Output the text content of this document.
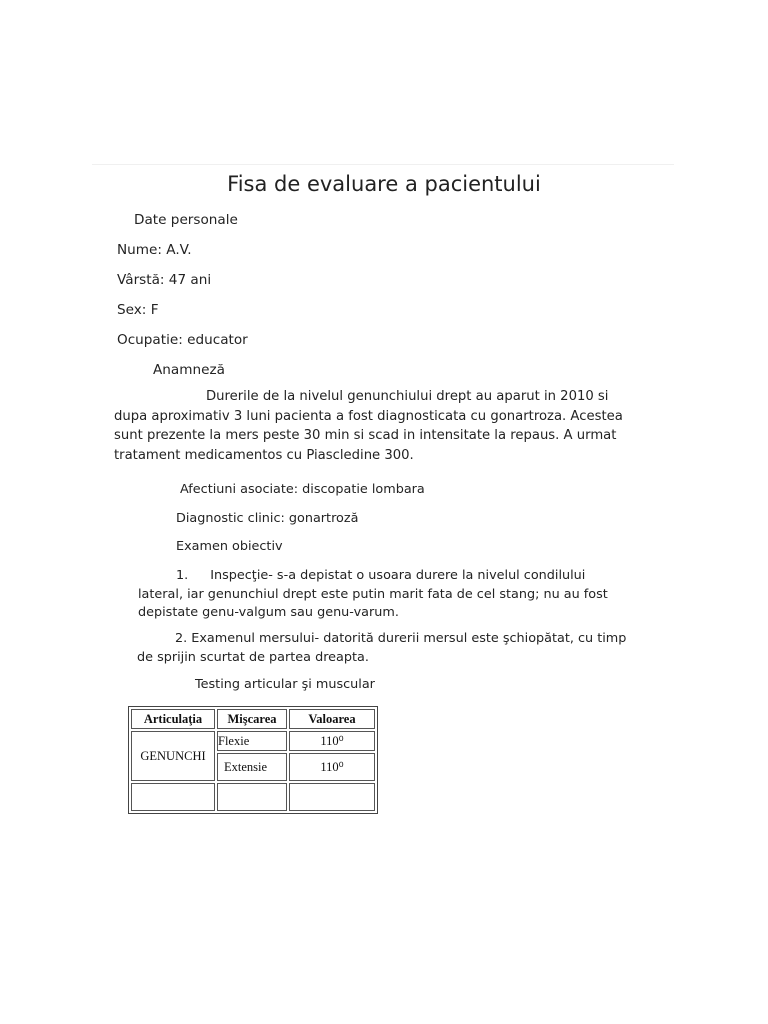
Fisa de evaluare a pacientului
Date personale
Nume: A.V.
Vârstă: 47 ani
Sex: F
Ocupatie: educator
Anamneză
Durerile de la nivelul genunchiului drept au aparut in 2010 si
dupa aproximativ 3 luni pacienta a fost diagnosticata cu gonartroza. Acestea
sunt prezente la mers peste 30 min si scad in intensitate la repaus. A urmat
tratament medicamentos cu Piascledine 300.
Afectiuni asociate: discopatie lombara
Diagnostic clinic: gonartroză
Examen obiectiv
1. Inspecţie- s-a depistat o usoara durere la nivelul condilului
lateral, iar genunchiul drept este putin marit fata de cel stang; nu au fost
depistate genu-valgum sau genu-varum.
2. Examenul mersului- datorită durerii mersul este şchiopătat, cu timp
de sprijin scurtat de partea dreapta.
Testing articular şi muscular
Articulaţia	Mişcarea	Valoarea
GENUNCHI	Flexie	110⁰
	Extensie	110⁰
